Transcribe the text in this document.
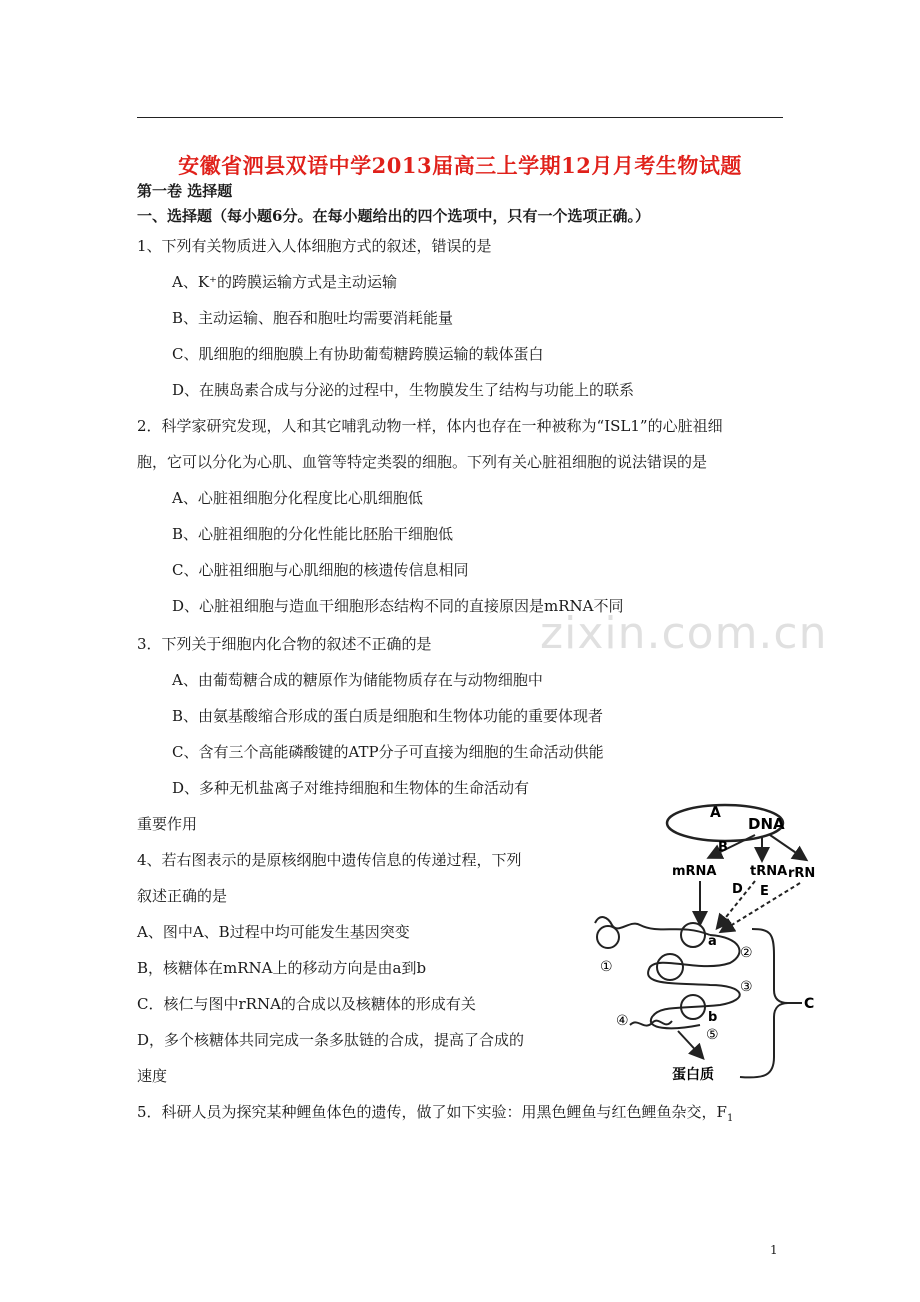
安徽省泗县双语中学2013届高三上学期12月月考生物试题
第一卷 选择题
一、选择题（每小题6分。在每小题给出的四个选项中，只有一个选项正确。）
1、下列有关物质进入人体细胞方式的叙述，错误的是
A、K⁺的跨膜运输方式是主动运输
B、主动运输、胞吞和胞吐均需要消耗能量
C、肌细胞的细胞膜上有协助葡萄糖跨膜运输的载体蛋白
D、在胰岛素合成与分泌的过程中，生物膜发生了结构与功能上的联系
2．科学家研究发现，人和其它哺乳动物一样，体内也存在一种被称为“ISL1”的心脏祖细
胞，它可以分化为心肌、血管等特定类裂的细胞。下列有关心脏祖细胞的说法错误的是
A、心脏祖细胞分化程度比心肌细胞低
B、心脏祖细胞的分化性能比胚胎干细胞低
C、心脏祖细胞与心肌细胞的核遗传信息相同
D、心脏祖细胞与造血干细胞形态结构不同的直接原因是mRNA不同
zixin.com.cn
3．下列关于细胞内化合物的叙述不正确的是
A、由葡萄糖合成的糖原作为储能物质存在与动物细胞中
B、由氨基酸缩合形成的蛋白质是细胞和生物体功能的重要体现者
C、含有三个高能磷酸键的ATP分子可直接为细胞的生命活动供能
D、多种无机盐离子对维持细胞和生物体的生命活动有
重要作用
4、若右图表示的是原核纲胞中遗传信息的传递过程，下列
叙述正确的是
A、图中A、B过程中均可能发生基因突变
B，核糖体在mRNA上的移动方向是由a到b
C．核仁与图中rRNA的合成以及核糖体的形成有关
D，多个核糖体共同完成一条多肽链的合成，提高了合成的
速度
5．科研人员为探究某种鲤鱼体色的遗传，做了如下实验：用黑色鲤鱼与红色鲤鱼杂交，$F_1$
A
DNA
B
mRNA	tRNA rRN
D E
①
②
③
④	b
⑤
a
蛋白质
C
1
